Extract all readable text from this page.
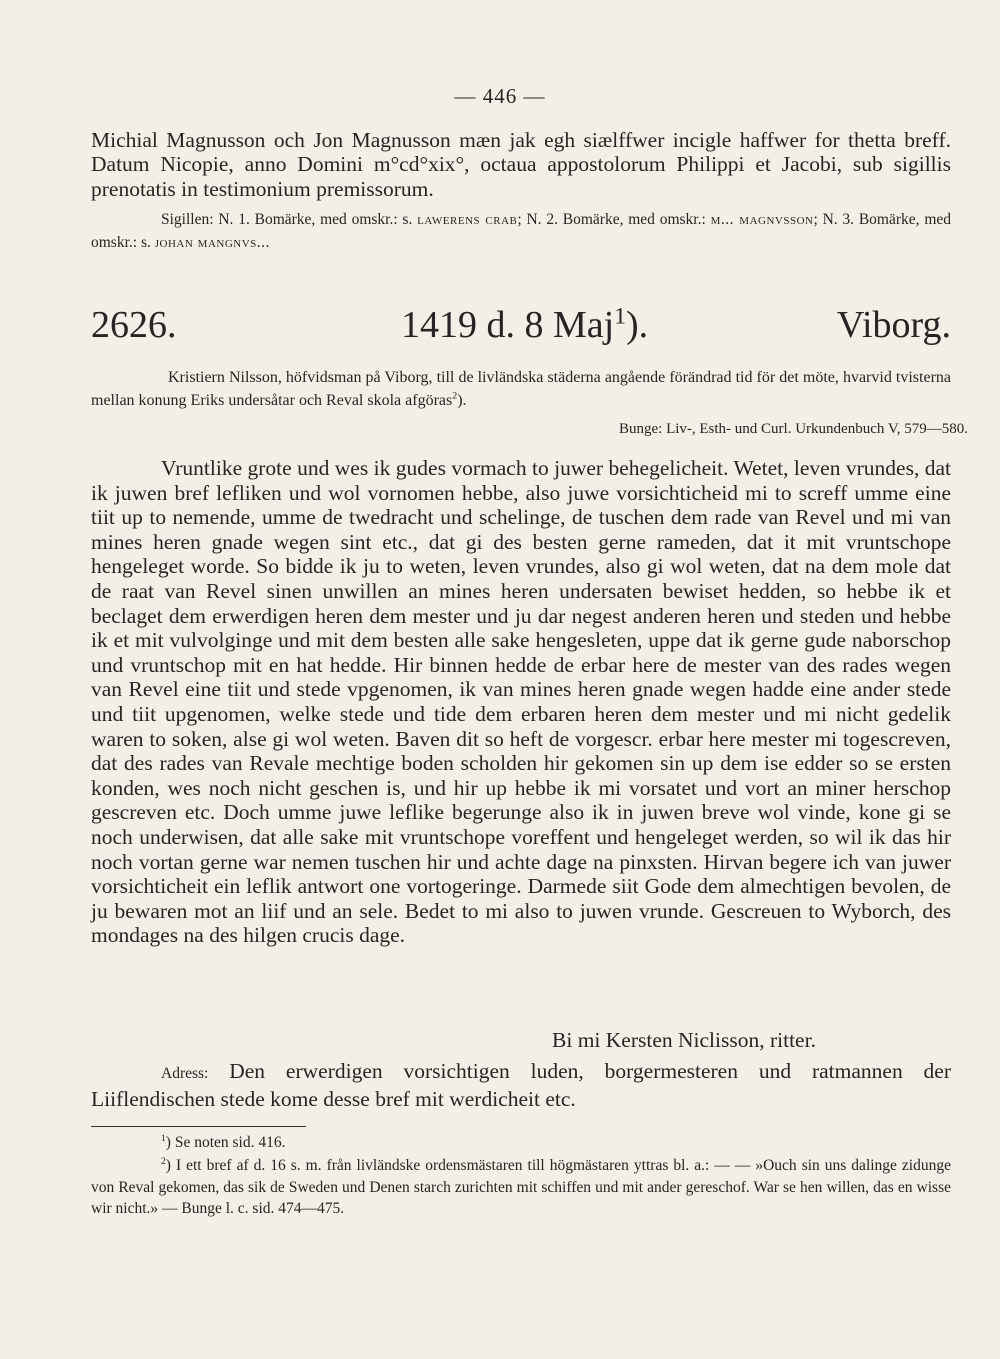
— 446 —

Michial Magnusson och Jon Magnusson mæn jak egh siælffwer incigle haffwer for thetta breff. Datum Nicopie, anno Domini m°cd°xix°, octaua appostolorum Philippi et Jacobi, sub sigillis prenotatis in testimonium premissorum.

Sigillen: N. 1. Bomärke, med omskr.: s. lawerens crab; N. 2. Bomärke, med omskr.: m... magnvsson; N. 3. Bomärke, med omskr.: s. johan mangnvs...

2626.	1419 d. 8 Maj$^1$).	Viborg.

Kristiern Nilsson, höfvidsman på Viborg, till de livländska städerna angående förändrad tid för det möte, hvarvid tvisterna mellan konung Eriks undersåtar och Reval skola afgöras$^2$).

Bunge: Liv-, Esth- und Curl. Urkundenbuch V, 579—580.

Vruntlike grote und wes ik gudes vormach to juwer behegelicheit. Wetet, leven vrundes, dat ik juwen bref lefliken und wol vornomen hebbe, also juwe vorsichticheid mi to screff umme eine tiit up to nemende, umme de twedracht und schelinge, de tuschen dem rade van Revel und mi van mines heren gnade wegen sint etc., dat gi des besten gerne rameden, dat it mit vruntschope hengeleget worde. So bidde ik ju to weten, leven vrundes, also gi wol weten, dat na dem mole dat de raat van Revel sinen unwillen an mines heren undersaten bewiset hedden, so hebbe ik et beclaget dem erwerdigen heren dem mester und ju dar negest anderen heren und steden und hebbe ik et mit vulvolginge und mit dem besten alle sake hengesleten, uppe dat ik gerne gude naborschop und vruntschop mit en hat hedde. Hir binnen hedde de erbar here de mester van des rades wegen van Revel eine tiit und stede vpgenomen, ik van mines heren gnade wegen hadde eine ander stede und tiit upgenomen, welke stede und tide dem erbaren heren dem mester und mi nicht gedelik waren to soken, alse gi wol weten. Baven dit so heft de vorgescr. erbar here mester mi togescreven, dat des rades van Revale mechtige boden scholden hir gekomen sin up dem ise edder so se ersten konden, wes noch nicht geschen is, und hir up hebbe ik mi vorsatet und vort an miner herschop gescreven etc. Doch umme juwe leflike begerunge also ik in juwen breve wol vinde, kone gi se noch underwisen, dat alle sake mit vruntschope voreffent und hengeleget werden, so wil ik das hir noch vortan gerne war nemen tuschen hir und achte dage na pinxsten. Hirvan begere ich van juwer vorsichticheit ein leflik antwort one vortogeringe. Darmede siit Gode dem almechtigen bevolen, de ju bewaren mot an liif und an sele. Bedet to mi also to juwen vrunde. Gescreuen to Wyborch, des mondages na des hilgen crucis dage.

Bi mi Kersten Niclisson, ritter.

Adress: Den erwerdigen vorsichtigen luden, borgermesteren und ratmannen der Liiflendischen stede kome desse bref mit werdicheit etc.

$^1$) Se noten sid. 416.

$^2$) I ett bref af d. 16 s. m. från livländske ordensmästaren till högmästaren yttras bl. a.: — — »Ouch sin uns dalinge zidunge von Reval gekomen, das sik de Sweden und Denen starch zurichten mit schiffen und mit ander gereschof. War se hen willen, das en wisse wir nicht.» — Bunge l. c. sid. 474—475.
